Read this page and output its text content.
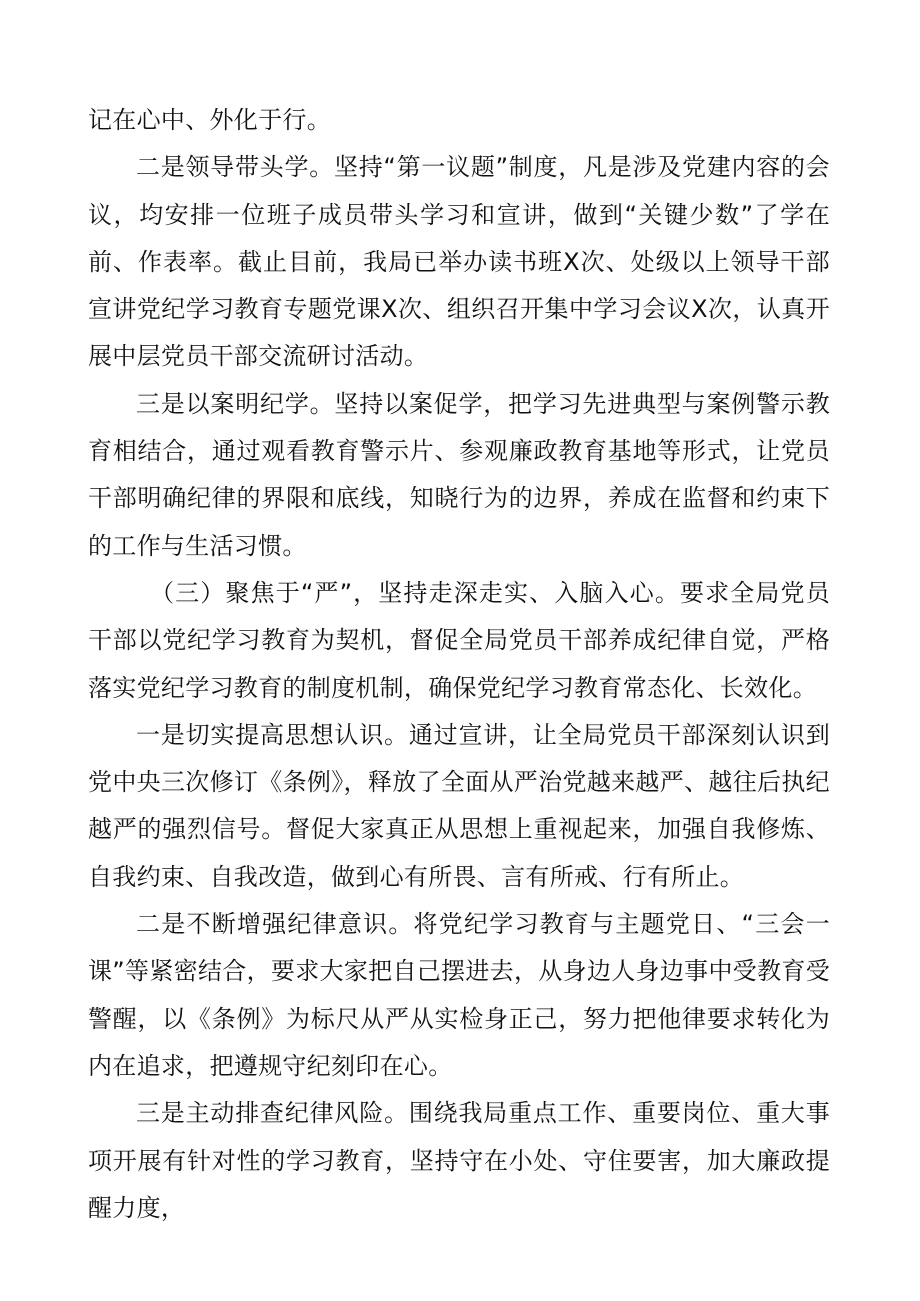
记在心中、外化于行。

二是领导带头学。坚持“第一议题”制度，凡是涉及党建内容的会议，均安排一位班子成员带头学习和宣讲，做到“关键少数”了学在前、作表率。截止目前，我局已举办读书班X次、处级以上领导干部宣讲党纪学习教育专题党课X次、组织召开集中学习会议X次，认真开展中层党员干部交流研讨活动。

三是以案明纪学。坚持以案促学，把学习先进典型与案例警示教育相结合，通过观看教育警示片、参观廉政教育基地等形式，让党员干部明确纪律的界限和底线，知晓行为的边界，养成在监督和约束下的工作与生活习惯。

（三）聚焦于“严”，坚持走深走实、入脑入心。要求全局党员干部以党纪学习教育为契机，督促全局党员干部养成纪律自觉，严格落实党纪学习教育的制度机制，确保党纪学习教育常态化、长效化。

一是切实提高思想认识。通过宣讲，让全局党员干部深刻认识到党中央三次修订《条例》，释放了全面从严治党越来越严、越往后执纪越严的强烈信号。督促大家真正从思想上重视起来，加强自我修炼、自我约束、自我改造，做到心有所畏、言有所戒、行有所止。

二是不断增强纪律意识。将党纪学习教育与主题党日、“三会一课”等紧密结合，要求大家把自己摆进去，从身边人身边事中受教育受警醒，以《条例》为标尺从严从实检身正己，努力把他律要求转化为内在追求，把遵规守纪刻印在心。

三是主动排查纪律风险。围绕我局重点工作、重要岗位、重大事项开展有针对性的学习教育，坚持守在小处、守住要害，加大廉政提醒力度，
